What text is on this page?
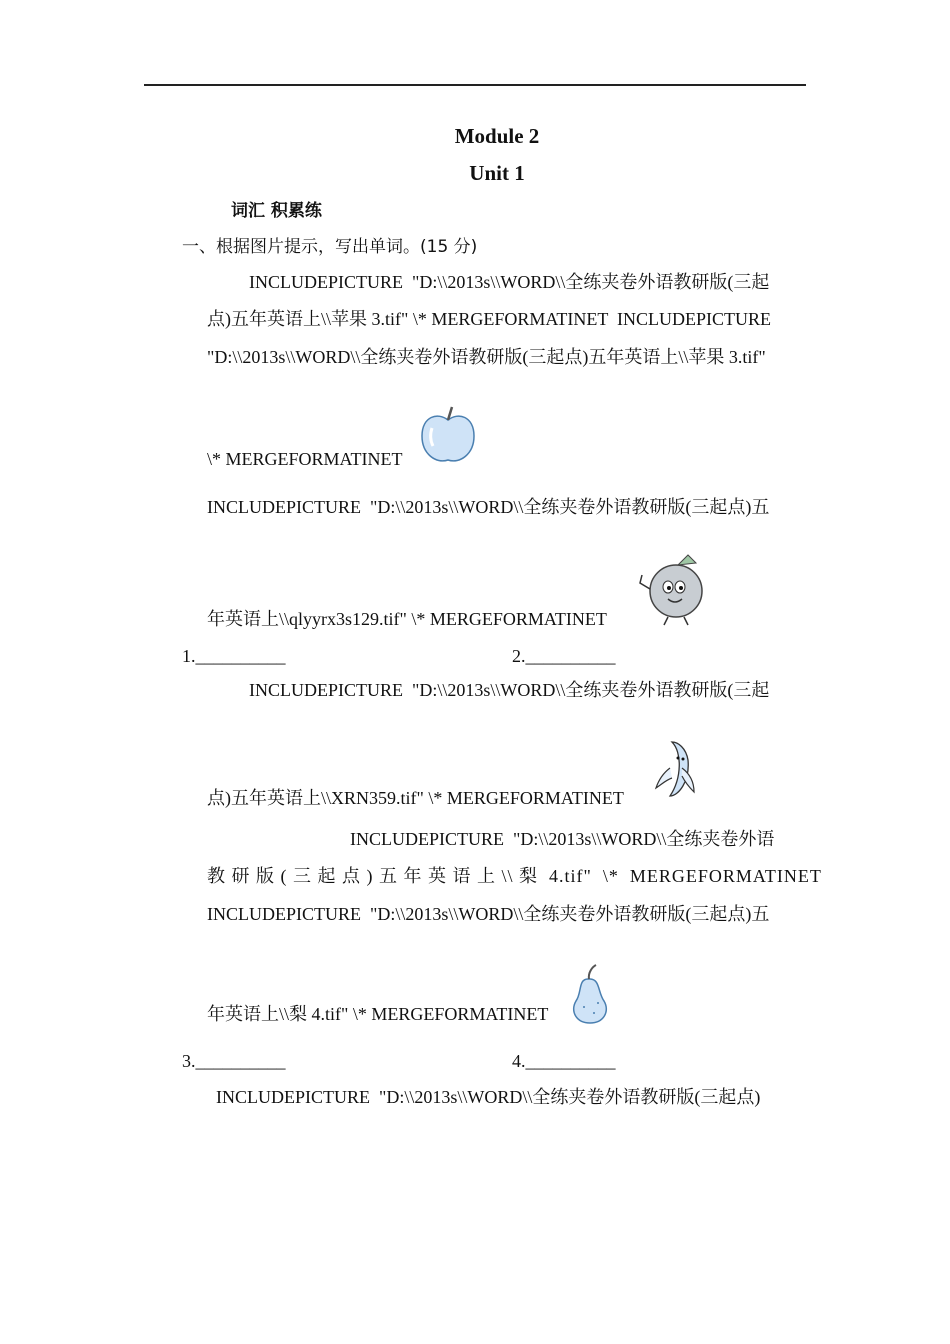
Module 2
Unit 1
词汇 积累练
一、根据图片提示，写出单词。(15 分)
INCLUDEPICTURE  "D:\\2013s\\WORD\\全练夹卷外语教研版(三起
点)五年英语上\\苹果 3.tif" \* MERGEFORMATINET  INCLUDEPICTURE
"D:\\2013s\\WORD\\全练夹卷外语教研版(三起点)五年英语上\\苹果 3.tif"
\* MERGEFORMATINET
INCLUDEPICTURE  "D:\\2013s\\WORD\\全练夹卷外语教研版(三起点)五
年英语上\\qlyyrx3s129.tif" \* MERGEFORMATINET
1.__________	2.__________
INCLUDEPICTURE  "D:\\2013s\\WORD\\全练夹卷外语教研版(三起
点)五年英语上\\XRN359.tif" \* MERGEFORMATINET
INCLUDEPICTURE  "D:\\2013s\\WORD\\全练夹卷外语
教 研 版 ( 三 起 点 ) 五 年 英 语 上 \\ 梨  4.tif"  \*  MERGEFORMATINET
INCLUDEPICTURE  "D:\\2013s\\WORD\\全练夹卷外语教研版(三起点)五
年英语上\\梨 4.tif" \* MERGEFORMATINET
3.__________	4.__________
INCLUDEPICTURE  "D:\\2013s\\WORD\\全练夹卷外语教研版(三起点)
